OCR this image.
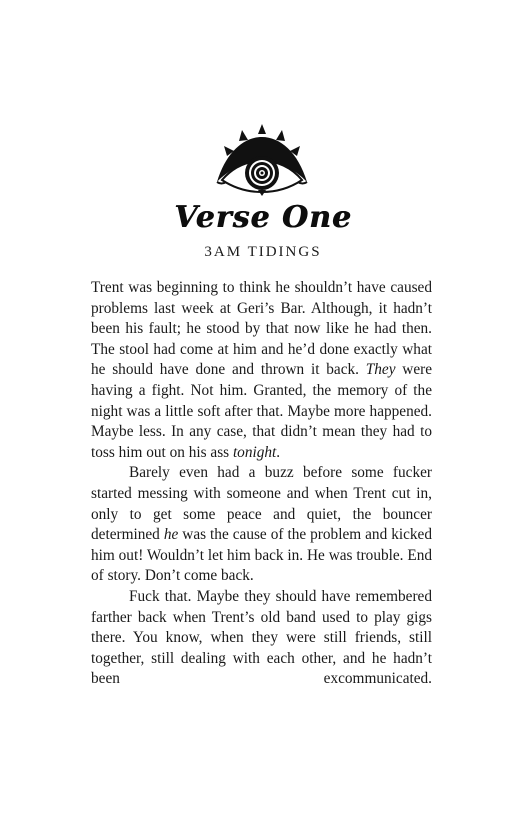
Verse One
3AM TIDINGS

Trent was beginning to think he shouldn’t have caused problems last week at Geri’s Bar. Although, it hadn’t been his fault; he stood by that now like he had then. The stool had come at him and he’d done exactly what he should have done and thrown it back. They were having a fight. Not him. Granted, the memory of the night was a little soft after that. Maybe more happened. Maybe less. In any case, that didn’t mean they had to toss him out on his ass tonight.

Barely even had a buzz before some fucker started messing with someone and when Trent cut in, only to get some peace and quiet, the bouncer determined he was the cause of the problem and kicked him out! Wouldn’t let him back in. He was trouble. End of story. Don’t come back.

Fuck that. Maybe they should have remembered farther back when Trent’s old band used to play gigs there. You know, when they were still friends, still together, still dealing with each other, and he hadn’t been excommunicated.
